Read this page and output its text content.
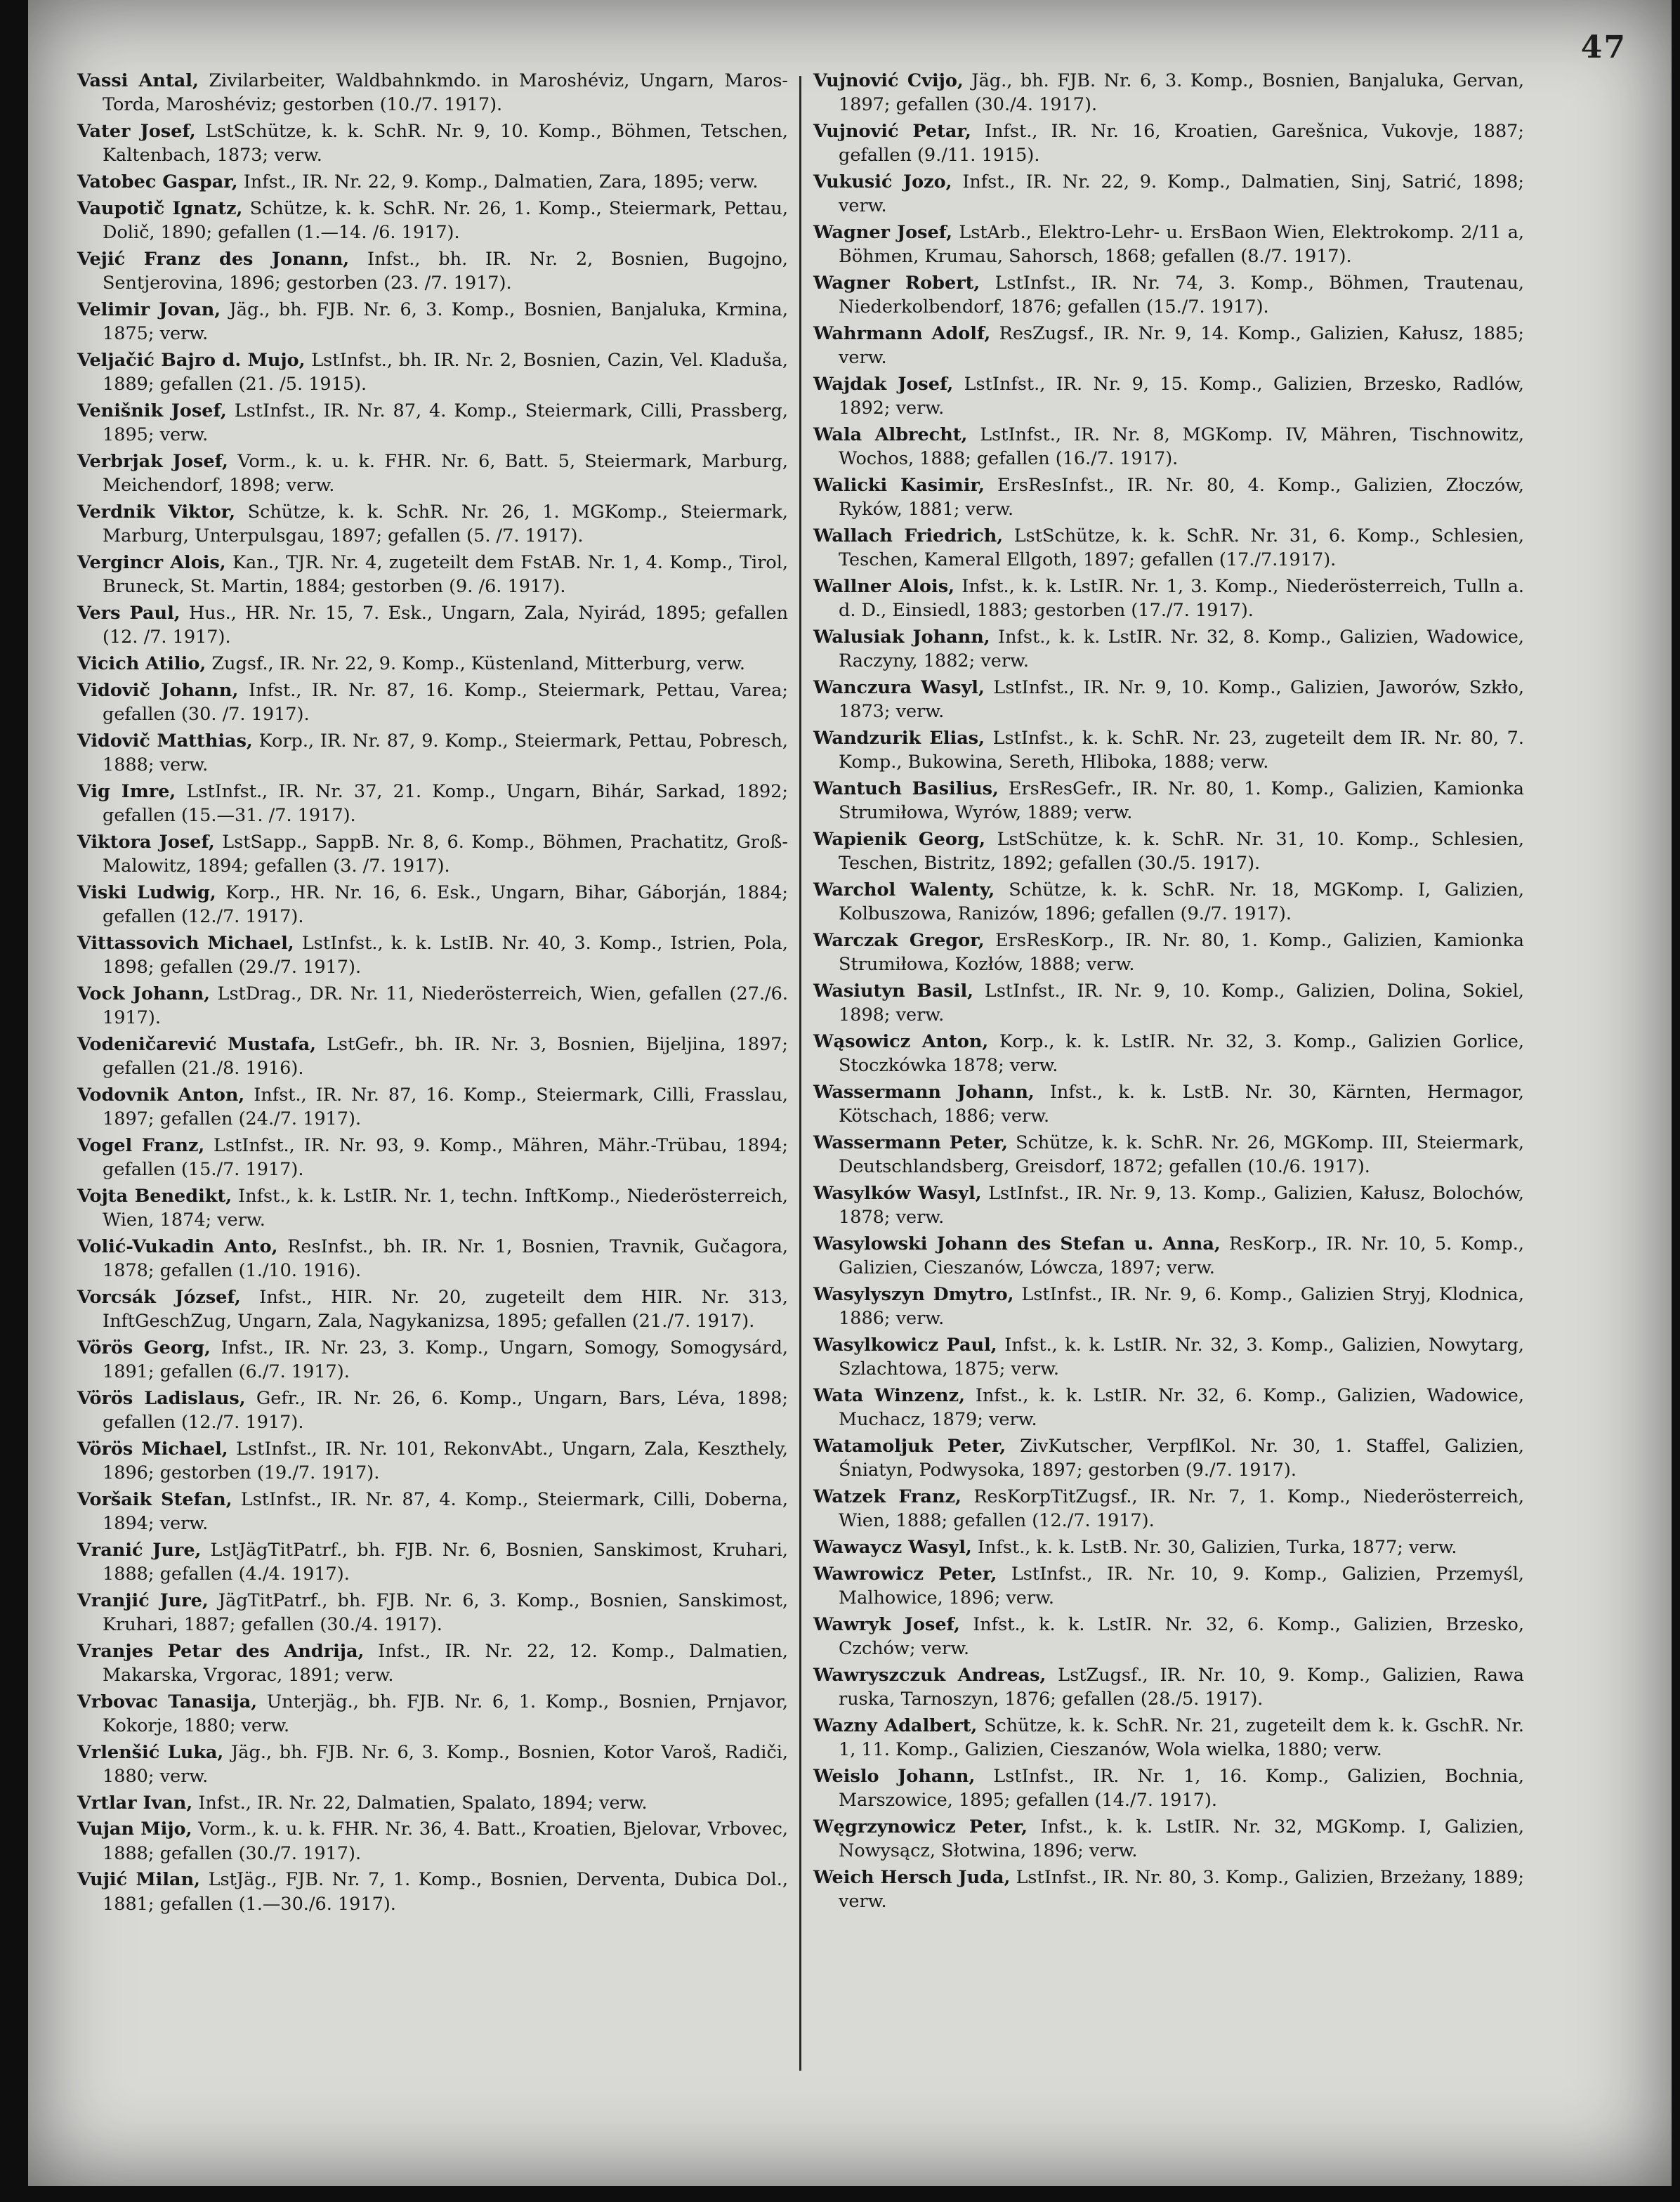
47

Vassi Antal, Zivilarbeiter, Waldbahnkmdo. in Maroshéviz, Ungarn, Maros-Torda, Maroshéviz; gestorben (10./7. 1917).

Vater Josef, LstSchütze, k. k. SchR. Nr. 9, 10. Komp., Böhmen, Tetschen, Kaltenbach, 1873; verw.

Vatobec Gaspar, Infst., IR. Nr. 22, 9. Komp., Dalmatien, Zara, 1895; verw.

Vaupotič Ignatz, Schütze, k. k. SchR. Nr. 26, 1. Komp., Steiermark, Pettau, Dolič, 1890; gefallen (1.—14. /6. 1917).

Vejić Franz des Jonann, Infst., bh. IR. Nr. 2, Bosnien, Bugojno, Sentjerovina, 1896; gestorben (23. /7. 1917).

Velimir Jovan, Jäg., bh. FJB. Nr. 6, 3. Komp., Bosnien, Banjaluka, Krmina, 1875; verw.

Veljačić Bajro d. Mujo, LstInfst., bh. IR. Nr. 2, Bosnien, Cazin, Vel. Kladuša, 1889; gefallen (21. /5. 1915).

Venišnik Josef, LstInfst., IR. Nr. 87, 4. Komp., Steiermark, Cilli, Prassberg, 1895; verw.

Verbrjak Josef, Vorm., k. u. k. FHR. Nr. 6, Batt. 5, Steiermark, Marburg, Meichendorf, 1898; verw.

Verdnik Viktor, Schütze, k. k. SchR. Nr. 26, 1. MGKomp., Steiermark, Marburg, Unterpulsgau, 1897; gefallen (5. /7. 1917).

Vergincr Alois, Kan., TJR. Nr. 4, zugeteilt dem FstAB. Nr. 1, 4. Komp., Tirol, Bruneck, St. Martin, 1884; gestorben (9. /6. 1917).

Vers Paul, Hus., HR. Nr. 15, 7. Esk., Ungarn, Zala, Nyirád, 1895; gefallen (12. /7. 1917).

Vicich Atilio, Zugsf., IR. Nr. 22, 9. Komp., Küstenland, Mitterburg, verw.

Vidovič Johann, Infst., IR. Nr. 87, 16. Komp., Steiermark, Pettau, Varea; gefallen (30. /7. 1917).

Vidovič Matthias, Korp., IR. Nr. 87, 9. Komp., Steiermark, Pettau, Pobresch, 1888; verw.

Vig Imre, LstInfst., IR. Nr. 37, 21. Komp., Ungarn, Bihár, Sarkad, 1892; gefallen (15.—31. /7. 1917).

Viktora Josef, LstSapp., SappB. Nr. 8, 6. Komp., Böhmen, Prachatitz, Groß-Malowitz, 1894; gefallen (3. /7. 1917).

Viski Ludwig, Korp., HR. Nr. 16, 6. Esk., Ungarn, Bihar, Gáborján, 1884; gefallen (12./7. 1917).

Vittassovich Michael, LstInfst., k. k. LstIB. Nr. 40, 3. Komp., Istrien, Pola, 1898; gefallen (29./7. 1917).

Vock Johann, LstDrag., DR. Nr. 11, Niederösterreich, Wien, gefallen (27./6. 1917).

Vodeničarević Mustafa, LstGefr., bh. IR. Nr. 3, Bosnien, Bijeljina, 1897; gefallen (21./8. 1916).

Vodovnik Anton, Infst., IR. Nr. 87, 16. Komp., Steiermark, Cilli, Frasslau, 1897; gefallen (24./7. 1917).

Vogel Franz, LstInfst., IR. Nr. 93, 9. Komp., Mähren, Mähr.-Trübau, 1894; gefallen (15./7. 1917).

Vojta Benedikt, Infst., k. k. LstIR. Nr. 1, techn. InftKomp., Niederösterreich, Wien, 1874; verw.

Volić-Vukadin Anto, ResInfst., bh. IR. Nr. 1, Bosnien, Travnik, Gučagora, 1878; gefallen (1./10. 1916).

Vorcsák József, Infst., HIR. Nr. 20, zugeteilt dem HIR. Nr. 313, InftGeschZug, Ungarn, Zala, Nagykanizsa, 1895; gefallen (21./7. 1917).

Vörös Georg, Infst., IR. Nr. 23, 3. Komp., Ungarn, Somogy, Somogysárd, 1891; gefallen (6./7. 1917).

Vörös Ladislaus, Gefr., IR. Nr. 26, 6. Komp., Ungarn, Bars, Léva, 1898; gefallen (12./7. 1917).

Vörös Michael, LstInfst., IR. Nr. 101, RekonvAbt., Ungarn, Zala, Keszthely, 1896; gestorben (19./7. 1917).

Voršaik Stefan, LstInfst., IR. Nr. 87, 4. Komp., Steiermark, Cilli, Doberna, 1894; verw.

Vranić Jure, LstJägTitPatrf., bh. FJB. Nr. 6, Bosnien, Sanskimost, Kruhari, 1888; gefallen (4./4. 1917).

Vranjić Jure, JägTitPatrf., bh. FJB. Nr. 6, 3. Komp., Bosnien, Sanskimost, Kruhari, 1887; gefallen (30./4. 1917).

Vranjes Petar des Andrija, Infst., IR. Nr. 22, 12. Komp., Dalmatien, Makarska, Vrgorac, 1891; verw.

Vrbovac Tanasija, Unterjäg., bh. FJB. Nr. 6, 1. Komp., Bosnien, Prnjavor, Kokorje, 1880; verw.

Vrlenšić Luka, Jäg., bh. FJB. Nr. 6, 3. Komp., Bosnien, Kotor Varoš, Radiči, 1880; verw.

Vrtlar Ivan, Infst., IR. Nr. 22, Dalmatien, Spalato, 1894; verw.

Vujan Mijo, Vorm., k. u. k. FHR. Nr. 36, 4. Batt., Kroatien, Bjelovar, Vrbovec, 1888; gefallen (30./7. 1917).

Vujić Milan, LstJäg., FJB. Nr. 7, 1. Komp., Bosnien, Derventa, Dubica Dol., 1881; gefallen (1.—30./6. 1917).

Vujnović Cvijo, Jäg., bh. FJB. Nr. 6, 3. Komp., Bosnien, Banjaluka, Gervan, 1897; gefallen (30./4. 1917).

Vujnović Petar, Infst., IR. Nr. 16, Kroatien, Garešnica, Vukovje, 1887; gefallen (9./11. 1915).

Vukusić Jozo, Infst., IR. Nr. 22, 9. Komp., Dalmatien, Sinj, Satrić, 1898; verw.

Wagner Josef, LstArb., Elektro-Lehr- u. ErsBaon Wien, Elektrokomp. 2/11 a, Böhmen, Krumau, Sahorsch, 1868; gefallen (8./7. 1917).

Wagner Robert, LstInfst., IR. Nr. 74, 3. Komp., Böhmen, Trautenau, Niederkolbendorf, 1876; gefallen (15./7. 1917).

Wahrmann Adolf, ResZugsf., IR. Nr. 9, 14. Komp., Galizien, Kałusz, 1885; verw.

Wajdak Josef, LstInfst., IR. Nr. 9, 15. Komp., Galizien, Brzesko, Radlów, 1892; verw.

Wala Albrecht, LstInfst., IR. Nr. 8, MGKomp. IV, Mähren, Tischnowitz, Wochos, 1888; gefallen (16./7. 1917).

Walicki Kasimir, ErsResInfst., IR. Nr. 80, 4. Komp., Galizien, Złoczów, Ryków, 1881; verw.

Wallach Friedrich, LstSchütze, k. k. SchR. Nr. 31, 6. Komp., Schlesien, Teschen, Kameral Ellgoth, 1897; gefallen (17./7.1917).

Wallner Alois, Infst., k. k. LstIR. Nr. 1, 3. Komp., Niederösterreich, Tulln a. d. D., Einsiedl, 1883; gestorben (17./7. 1917).

Walusiak Johann, Infst., k. k. LstIR. Nr. 32, 8. Komp., Galizien, Wadowice, Raczyny, 1882; verw.

Wanczura Wasyl, LstInfst., IR. Nr. 9, 10. Komp., Galizien, Jaworów, Szkło, 1873; verw.

Wandzurik Elias, LstInfst., k. k. SchR. Nr. 23, zugeteilt dem IR. Nr. 80, 7. Komp., Bukowina, Sereth, Hliboka, 1888; verw.

Wantuch Basilius, ErsResGefr., IR. Nr. 80, 1. Komp., Galizien, Kamionka Strumiłowa, Wyrów, 1889; verw.

Wapienik Georg, LstSchütze, k. k. SchR. Nr. 31, 10. Komp., Schlesien, Teschen, Bistritz, 1892; gefallen (30./5. 1917).

Warchol Walenty, Schütze, k. k. SchR. Nr. 18, MGKomp. I, Galizien, Kolbuszowa, Ranizów, 1896; gefallen (9./7. 1917).

Warczak Gregor, ErsResKorp., IR. Nr. 80, 1. Komp., Galizien, Kamionka Strumiłowa, Kozłów, 1888; verw.

Wasiutyn Basil, LstInfst., IR. Nr. 9, 10. Komp., Galizien, Dolina, Sokiel, 1898; verw.

Wąsowicz Anton, Korp., k. k. LstIR. Nr. 32, 3. Komp., Galizien Gorlice, Stoczkówka 1878; verw.

Wassermann Johann, Infst., k. k. LstB. Nr. 30, Kärnten, Hermagor, Kötschach, 1886; verw.

Wassermann Peter, Schütze, k. k. SchR. Nr. 26, MGKomp. III, Steiermark, Deutschlandsberg, Greisdorf, 1872; gefallen (10./6. 1917).

Wasylków Wasyl, LstInfst., IR. Nr. 9, 13. Komp., Galizien, Kałusz, Bolochów, 1878; verw.

Wasylowski Johann des Stefan u. Anna, ResKorp., IR. Nr. 10, 5. Komp., Galizien, Cieszanów, Lówcza, 1897; verw.

Wasylyszyn Dmytro, LstInfst., IR. Nr. 9, 6. Komp., Galizien Stryj, Klodnica, 1886; verw.

Wasylkowicz Paul, Infst., k. k. LstIR. Nr. 32, 3. Komp., Galizien, Nowytarg, Szlachtowa, 1875; verw.

Wata Winzenz, Infst., k. k. LstIR. Nr. 32, 6. Komp., Galizien, Wadowice, Muchacz, 1879; verw.

Watamoljuk Peter, ZivKutscher, VerpflKol. Nr. 30, 1. Staffel, Galizien, Śniatyn, Podwysoka, 1897; gestorben (9./7. 1917).

Watzek Franz, ResKorpTitZugsf., IR. Nr. 7, 1. Komp., Niederösterreich, Wien, 1888; gefallen (12./7. 1917).

Wawaycz Wasyl, Infst., k. k. LstB. Nr. 30, Galizien, Turka, 1877; verw.

Wawrowicz Peter, LstInfst., IR. Nr. 10, 9. Komp., Galizien, Przemyśl, Malhowice, 1896; verw.

Wawryk Josef, Infst., k. k. LstIR. Nr. 32, 6. Komp., Galizien, Brzesko, Czchów; verw.

Wawryszczuk Andreas, LstZugsf., IR. Nr. 10, 9. Komp., Galizien, Rawa ruska, Tarnoszyn, 1876; gefallen (28./5. 1917).

Wazny Adalbert, Schütze, k. k. SchR. Nr. 21, zugeteilt dem k. k. GschR. Nr. 1, 11. Komp., Galizien, Cieszanów, Wola wielka, 1880; verw.

Weislo Johann, LstInfst., IR. Nr. 1, 16. Komp., Galizien, Bochnia, Marszowice, 1895; gefallen (14./7. 1917).

Węgrzynowicz Peter, Infst., k. k. LstIR. Nr. 32, MGKomp. I, Galizien, Nowysącz, Słotwina, 1896; verw.

Weich Hersch Juda, LstInfst., IR. Nr. 80, 3. Komp., Galizien, Brzeżany, 1889; verw.
